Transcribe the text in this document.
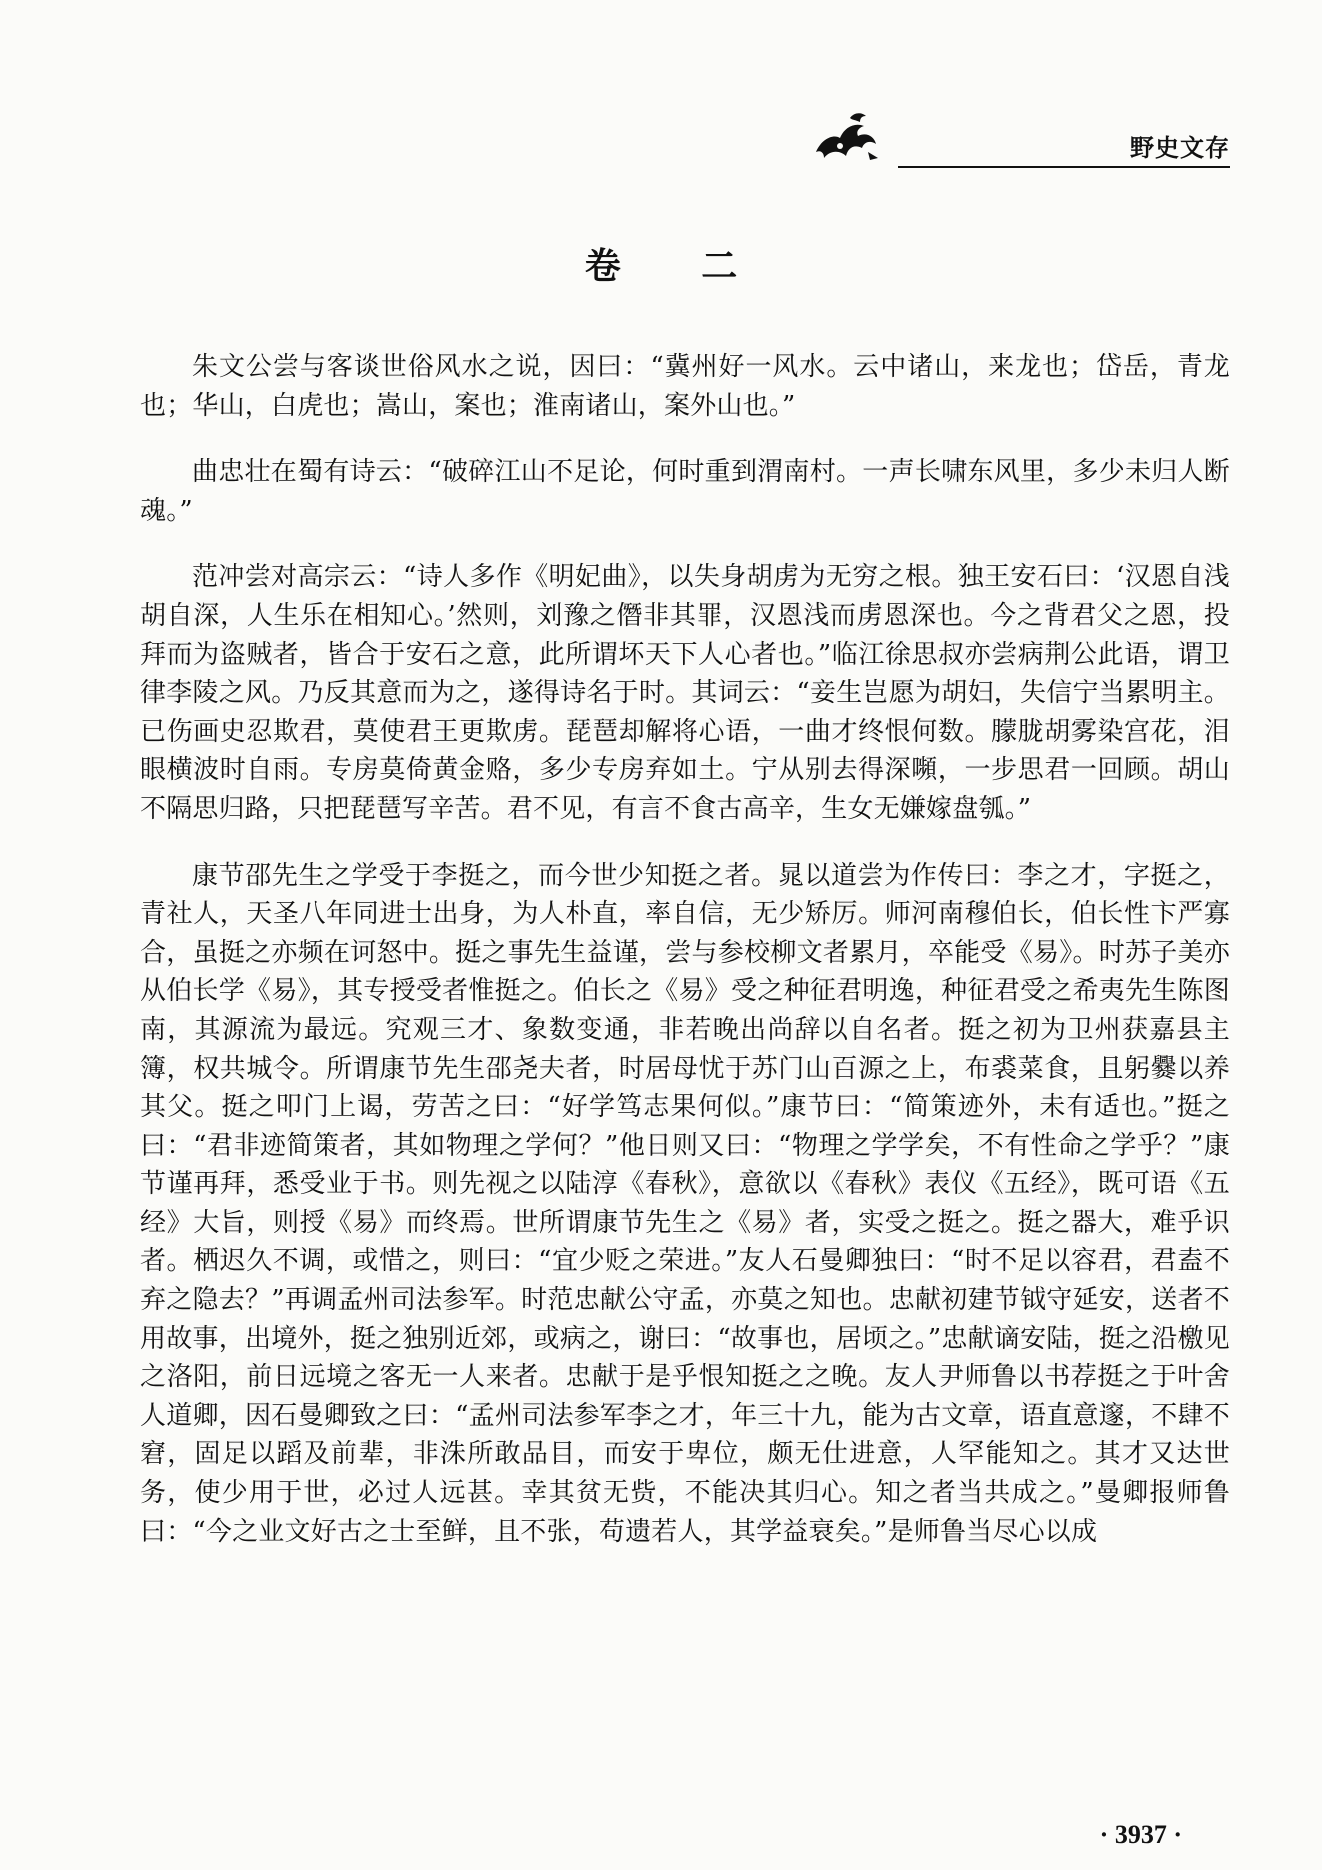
野史文存
卷 二

朱文公尝与客谈世俗风水之说，因曰：“冀州好一风水。云中诸山，来龙也；岱岳，青龙也；华山，白虎也；嵩山，案也；淮南诸山，案外山也。”

曲忠壮在蜀有诗云：“破碎江山不足论，何时重到渭南村。一声长啸东风里，多少未归人断魂。”

范冲尝对高宗云：“诗人多作《明妃曲》，以失身胡虏为无穷之根。独王安石曰：‘汉恩自浅胡自深，人生乐在相知心。’然则，刘豫之僭非其罪，汉恩浅而虏恩深也。今之背君父之恩，投拜而为盗贼者，皆合于安石之意，此所谓坏天下人心者也。”临江徐思叔亦尝病荆公此语，谓卫律李陵之风。乃反其意而为之，遂得诗名于时。其词云：“妾生岂愿为胡妇，失信宁当累明主。已伤画史忍欺君，莫使君王更欺虏。琵琶却解将心语，一曲才终恨何数。朦胧胡雾染宫花，泪眼横波时自雨。专房莫倚黄金赂，多少专房弃如土。宁从别去得深嚬，一步思君一回顾。胡山不隔思归路，只把琵琶写辛苦。君不见，有言不食古高辛，生女无嫌嫁盘瓠。”

康节邵先生之学受于李挺之，而今世少知挺之者。晁以道尝为作传曰：李之才，字挺之，青社人，天圣八年同进士出身，为人朴直，率自信，无少矫厉。师河南穆伯长，伯长性卞严寡合，虽挺之亦频在诃怒中。挺之事先生益谨，尝与参校柳文者累月，卒能受《易》。时苏子美亦从伯长学《易》，其专授受者惟挺之。伯长之《易》受之种征君明逸，种征君受之希夷先生陈图南，其源流为最远。究观三才、象数变通，非若晚出尚辞以自名者。挺之初为卫州获嘉县主簿，权共城令。所谓康节先生邵尧夫者，时居母忧于苏门山百源之上，布裘菜食，且躬爨以养其父。挺之叩门上谒，劳苦之曰：“好学笃志果何似。”康节曰：“简策迹外，未有适也。”挺之曰：“君非迹简策者，其如物理之学何？”他日则又曰：“物理之学学矣，不有性命之学乎？”康节谨再拜，悉受业于书。则先视之以陆淳《春秋》，意欲以《春秋》表仪《五经》，既可语《五经》大旨，则授《易》而终焉。世所谓康节先生之《易》者，实受之挺之。挺之器大，难乎识者。栖迟久不调，或惜之，则曰：“宜少贬之荣进。”友人石曼卿独曰：“时不足以容君，君盍不弃之隐去？”再调孟州司法参军。时范忠献公守孟，亦莫之知也。忠献初建节钺守延安，送者不用故事，出境外，挺之独别近郊，或病之，谢曰：“故事也，居顷之。”忠献谪安陆，挺之沿檄见之洛阳，前日远境之客无一人来者。忠献于是乎恨知挺之之晚。友人尹师鲁以书荐挺之于叶舍人道卿，因石曼卿致之曰：“孟州司法参军李之才，年三十九，能为古文章，语直意邃，不肆不窘，固足以蹈及前辈，非洙所敢品目，而安于卑位，颇无仕进意，人罕能知之。其才又达世务，使少用于世，必过人远甚。幸其贫无赀，不能决其归心。知之者当共成之。”曼卿报师鲁曰：“今之业文好古之士至鲜，且不张，苟遗若人，其学益衰矣。”是师鲁当尽心以成

· 3937 ·
